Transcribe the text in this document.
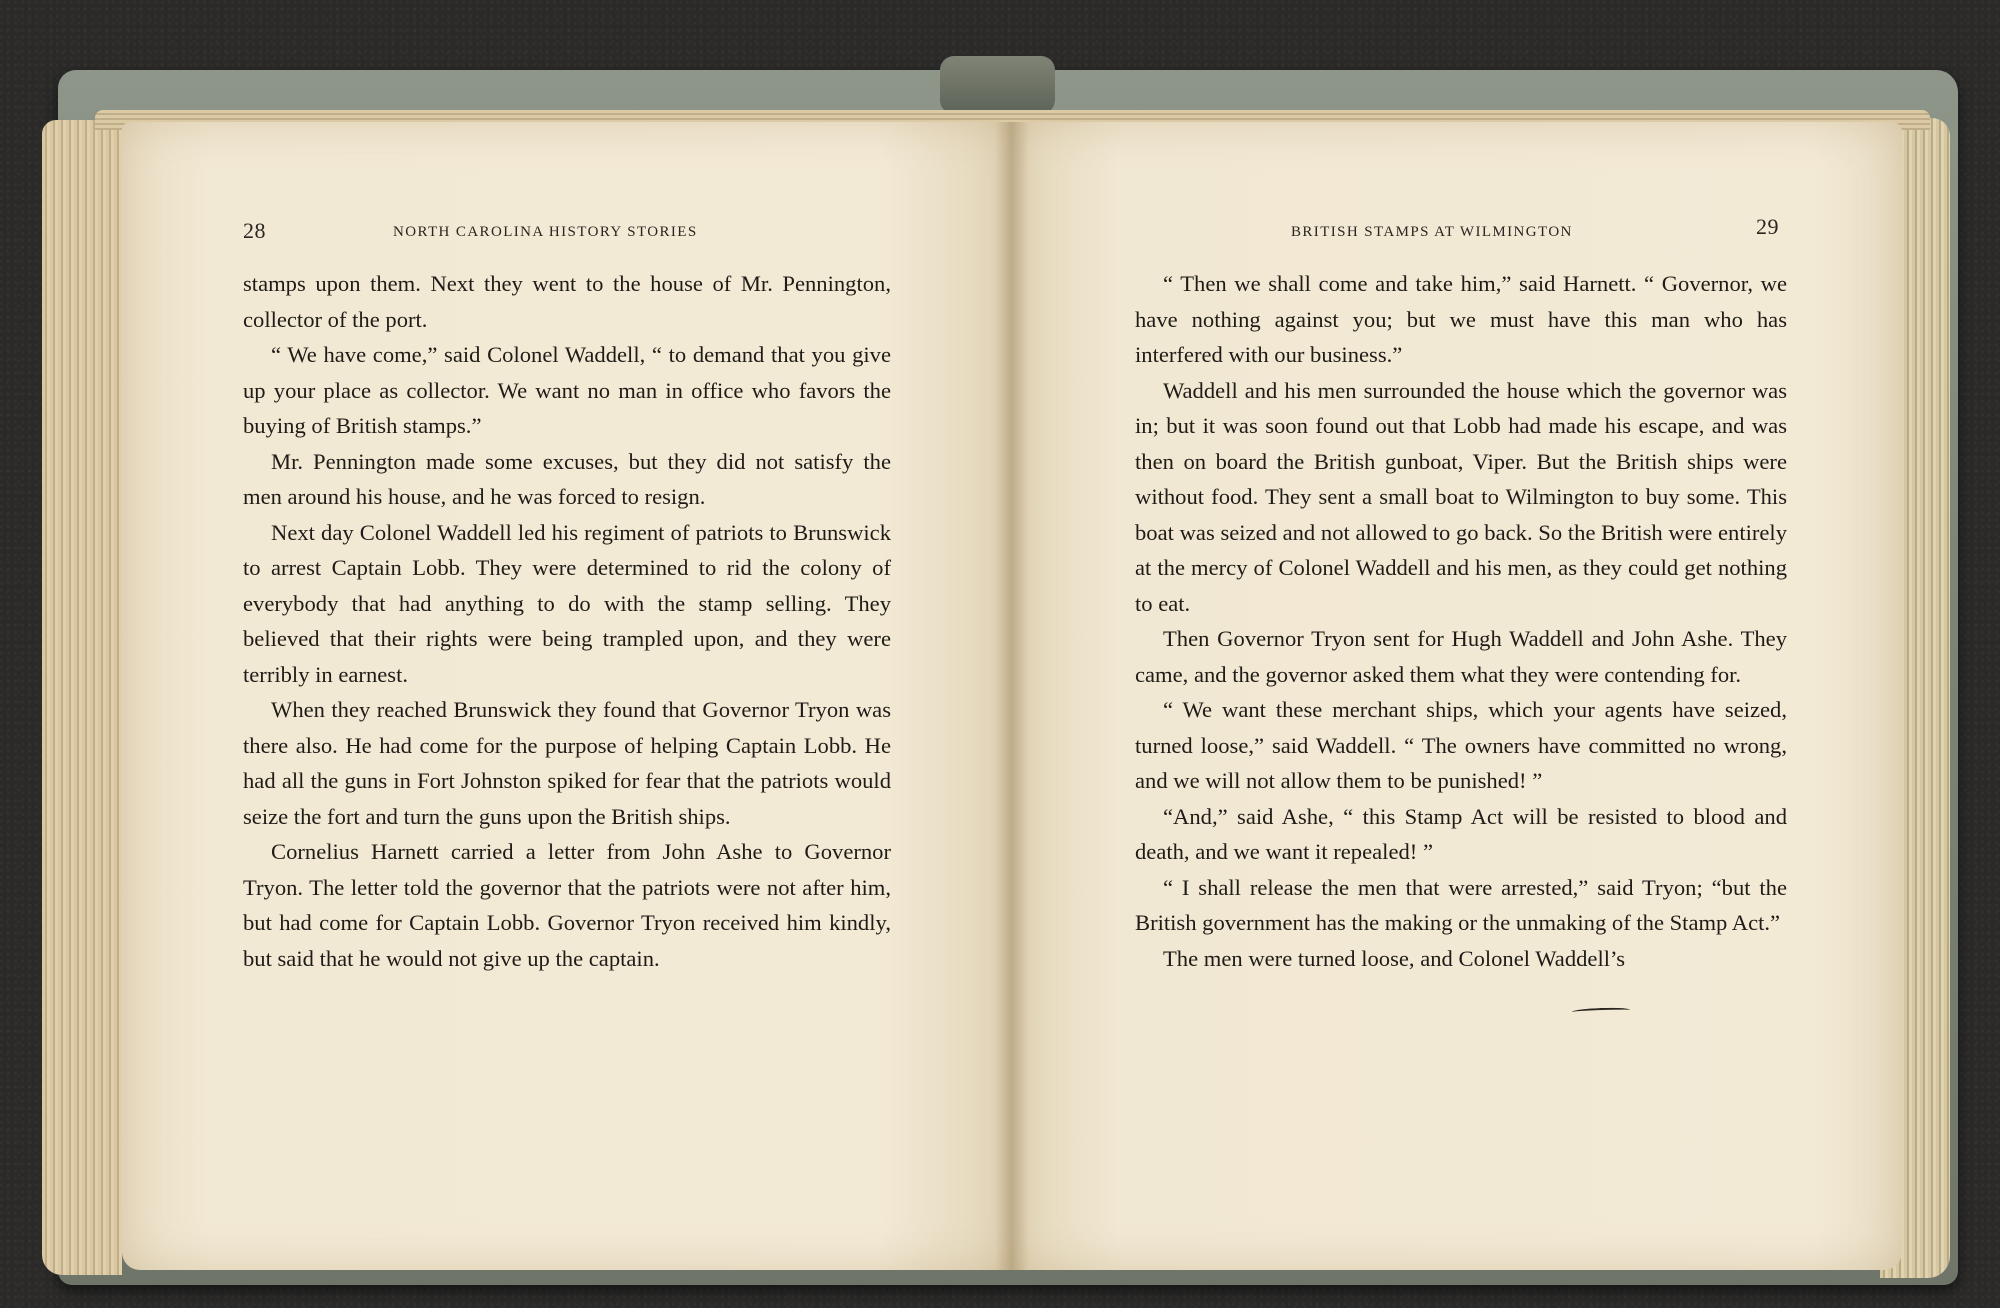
28	NORTH CAROLINA HISTORY STORIES	BRITISH STAMPS AT WILMINGTON	29

stamps upon them. Next they went to the house of Mr. Pennington, collector of the port.

“ We have come,” said Colonel Waddell, “ to demand that you give up your place as collector. We want no man in office who favors the buying of British stamps.”

Mr. Pennington made some excuses, but they did not satisfy the men around his house, and he was forced to resign.

Next day Colonel Waddell led his regiment of patriots to Brunswick to arrest Captain Lobb. They were determined to rid the colony of everybody that had anything to do with the stamp selling. They believed that their rights were being trampled upon, and they were terribly in earnest.

When they reached Brunswick they found that Governor Tryon was there also. He had come for the purpose of helping Captain Lobb. He had all the guns in Fort Johnston spiked for fear that the patriots would seize the fort and turn the guns upon the British ships.

Cornelius Harnett carried a letter from John Ashe to Governor Tryon. The letter told the governor that the patriots were not after him, but had come for Captain Lobb. Governor Tryon received him kindly, but said that he would not give up the captain.

“ Then we shall come and take him,” said Harnett. “ Governor, we have nothing against you; but we must have this man who has interfered with our business.”

Waddell and his men surrounded the house which the governor was in; but it was soon found out that Lobb had made his escape, and was then on board the British gunboat, Viper. But the British ships were without food. They sent a small boat to Wilmington to buy some. This boat was seized and not allowed to go back. So the British were entirely at the mercy of Colonel Waddell and his men, as they could get nothing to eat.

Then Governor Tryon sent for Hugh Waddell and John Ashe. They came, and the governor asked them what they were contending for.

“ We want these merchant ships, which your agents have seized, turned loose,” said Waddell. “ The owners have committed no wrong, and we will not allow them to be punished! ”

“And,” said Ashe, “ this Stamp Act will be resisted to blood and death, and we want it repealed! ”

“ I shall release the men that were arrested,” said Tryon; “but the British government has the making or the unmaking of the Stamp Act.”

The men were turned loose, and Colonel Waddell’s
